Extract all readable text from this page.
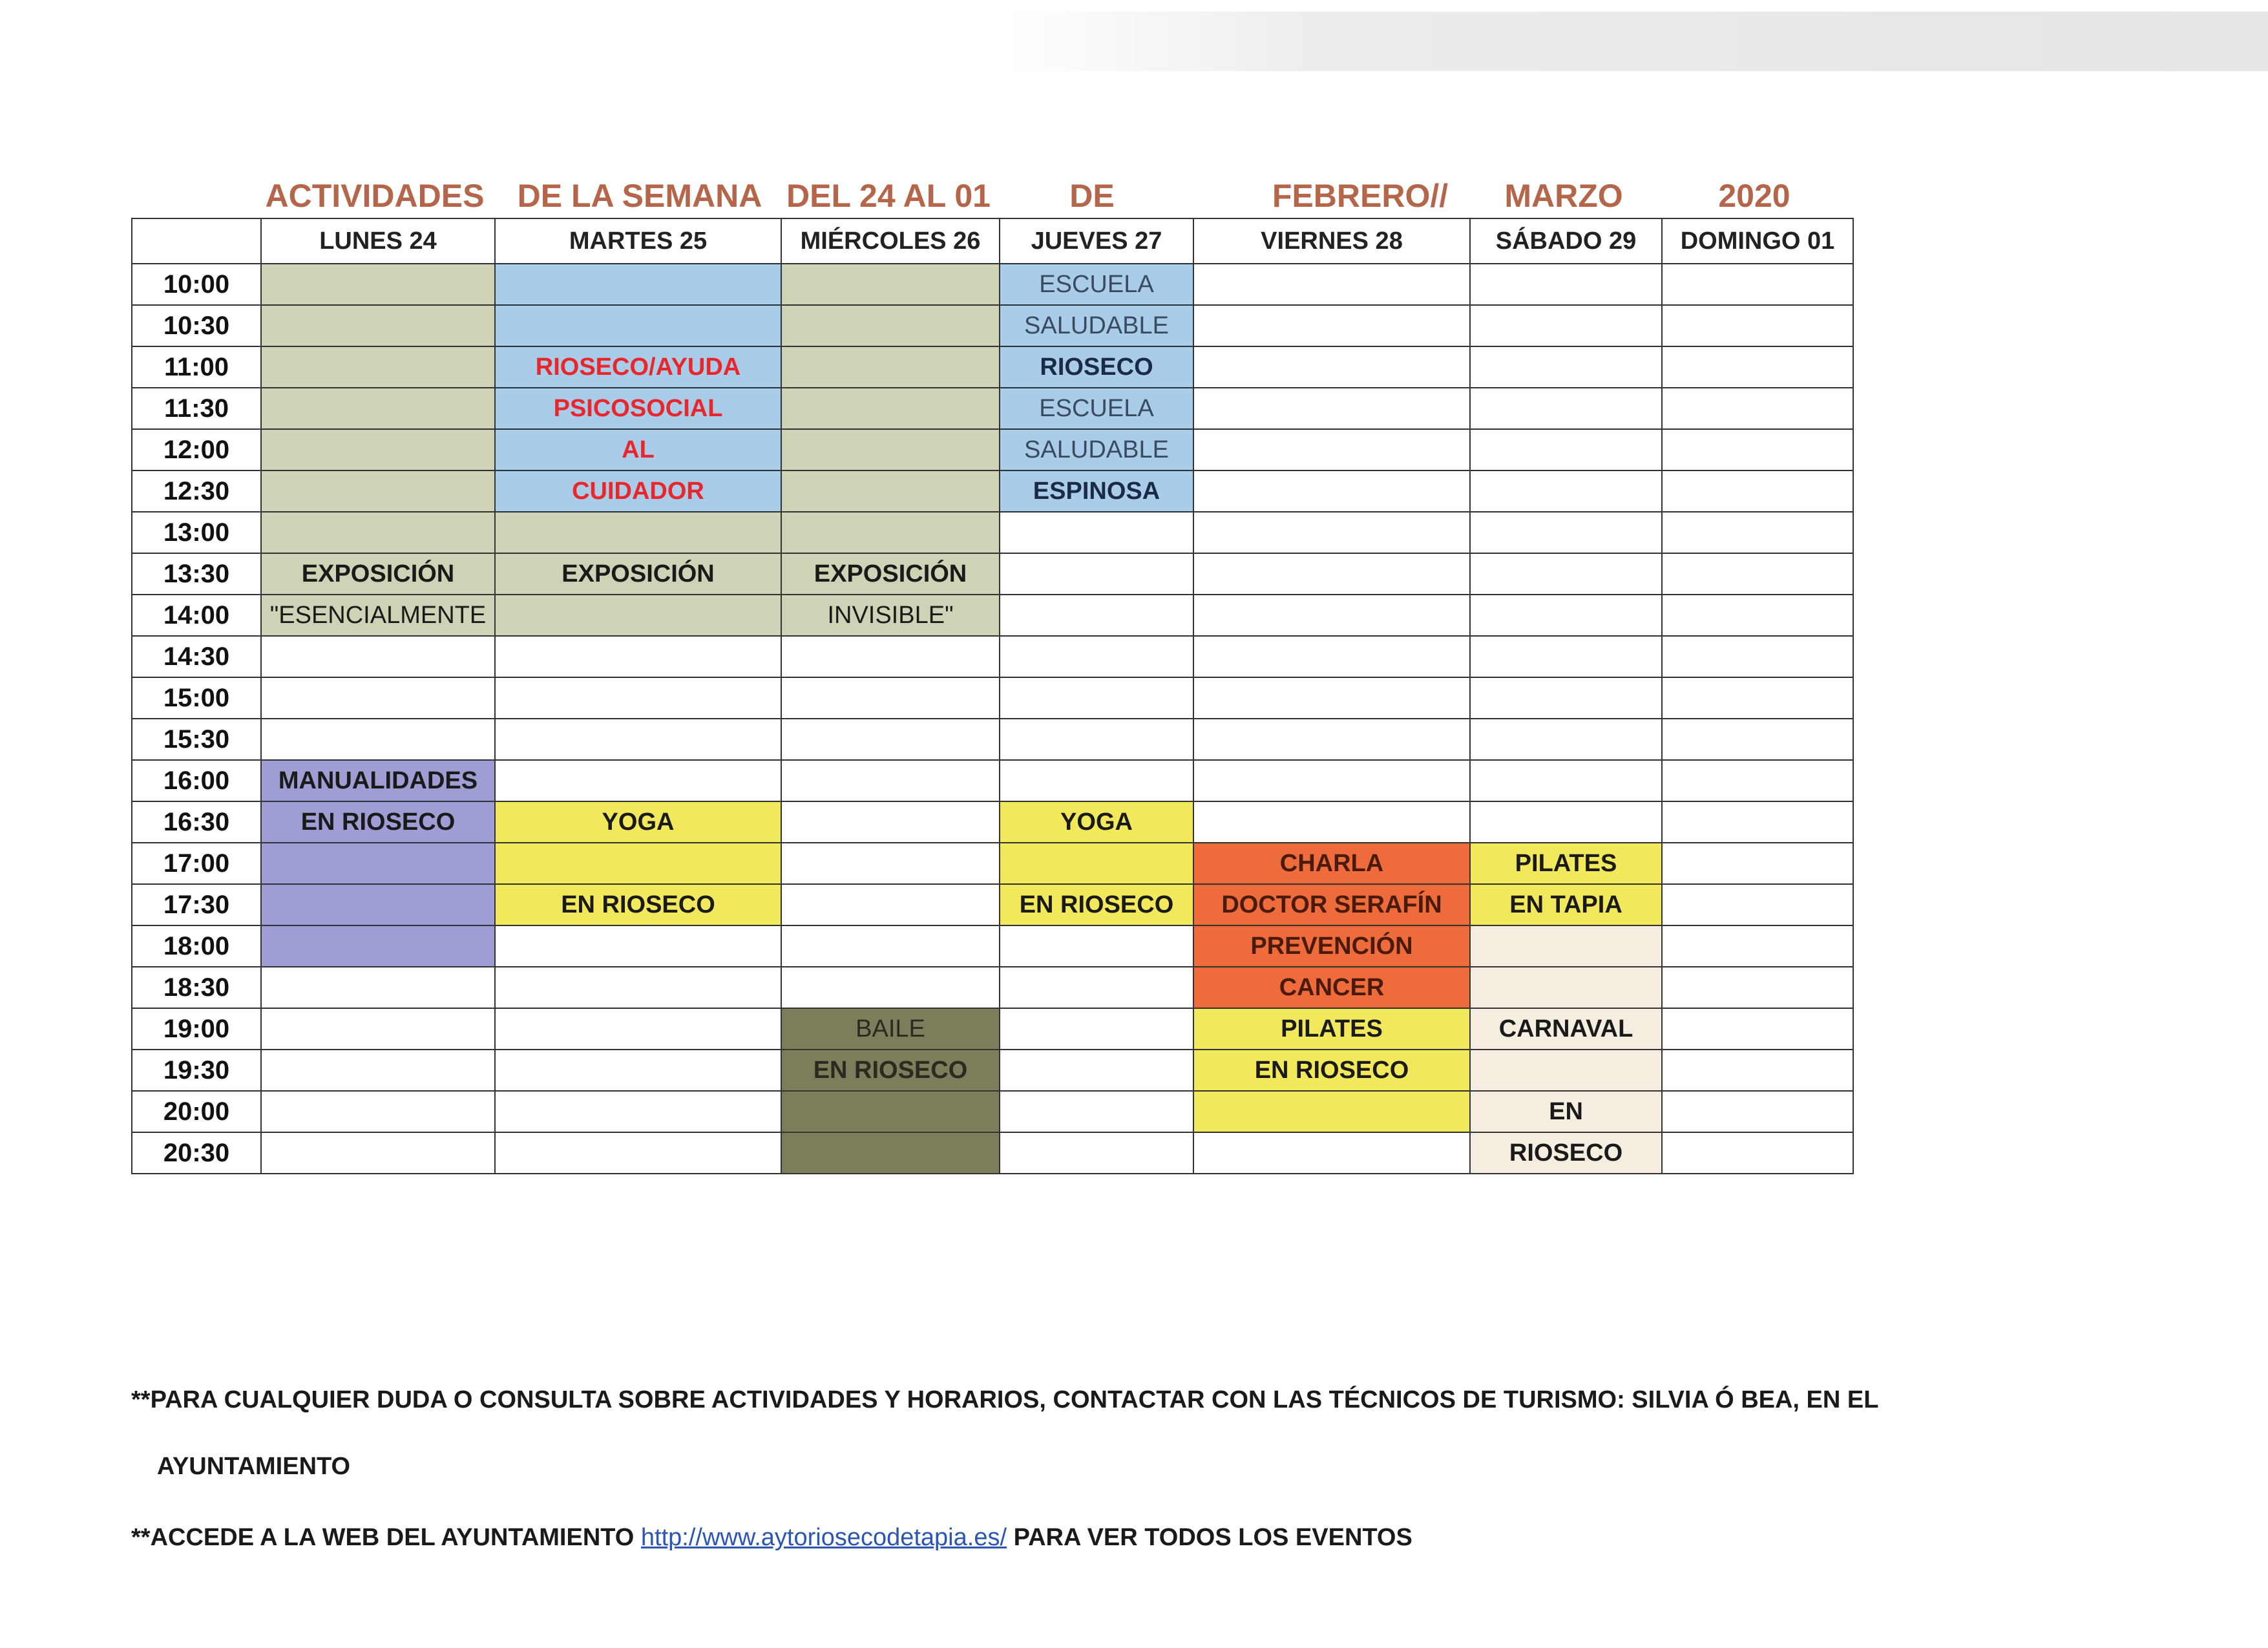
ACTIVIDADES DE LA SEMANA DEL 24 AL 01	DE	FEBRERO//	MARZO	2020
	LUNES 24	MARTES 25	MIÉRCOLES 26	JUEVES 27	VIERNES 28	SÁBADO 29	DOMINGO 01
10:00				ESCUELA			
10:30				SALUDABLE			
11:00		RIOSECO/AYUDA		RIOSECO			
11:30		PSICOSOCIAL		ESCUELA			
12:00		AL		SALUDABLE			
12:30		CUIDADOR		ESPINOSA			
13:00							
13:30	EXPOSICIÓN	EXPOSICIÓN	EXPOSICIÓN				
14:00	"ESENCIALMENTE		INVISIBLE"				
14:30							
15:00							
15:30							
16:00	MANUALIDADES						
16:30	EN RIOSECO	YOGA		YOGA			
17:00					CHARLA	PILATES	
17:30		EN RIOSECO		EN RIOSECO	DOCTOR SERAFÍN	EN TAPIA	
18:00					PREVENCIÓN		
18:30					CANCER		
19:00			BAILE		PILATES	CARNAVAL	
19:30			EN RIOSECO		EN RIOSECO		
20:00						EN	
20:30						RIOSECO	
**PARA CUALQUIER DUDA O CONSULTA SOBRE ACTIVIDADES Y HORARIOS, CONTACTAR CON LAS TÉCNICOS DE TURISMO: SILVIA Ó BEA, EN EL
AYUNTAMIENTO
**ACCEDE A LA WEB DEL AYUNTAMIENTO http://www.aytoriosecodetapia.es/ PARA VER TODOS LOS EVENTOS
